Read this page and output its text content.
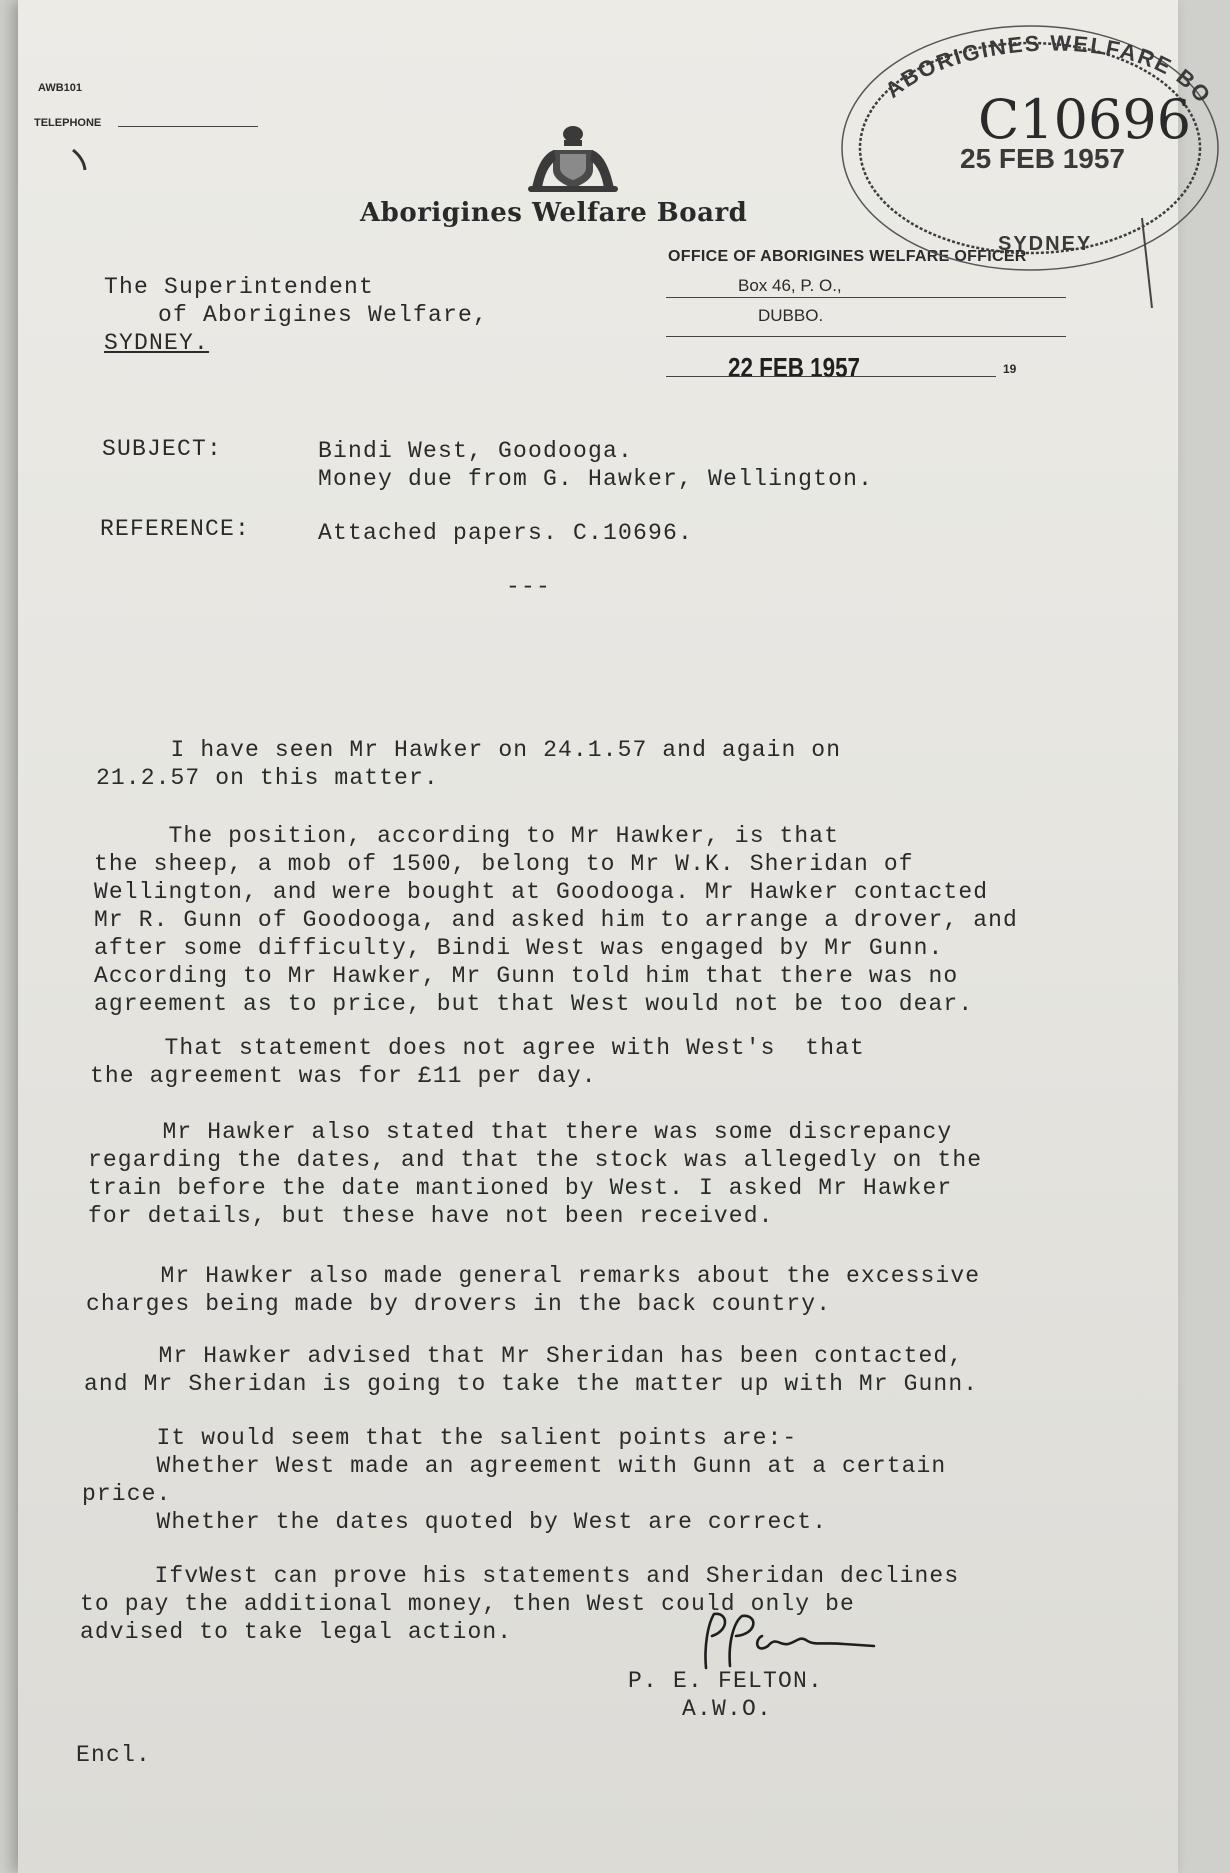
AWB101
TELEPHONE

Aborigines Welfare Board
OFFICE OF ABORIGINES WELFARE OFFICER
Box 46, P. O.,
DUBBO.
22 FEB 1957	19

ABORIGINES WELFARE BO
25 FEB 1957
SYDNEY
C10696

The Superintendent
of Aborigines Welfare,
SYDNEY.
SUBJECT:	Bindi West, Goodooga.
Money due from G. Hawker, Wellington.
REFERENCE:	Attached papers. C.10696.
---

I have seen Mr Hawker on 24.1.57 and again on
21.2.57 on this matter.

The position, according to Mr Hawker, is that
the sheep, a mob of 1500, belong to Mr W.K. Sheridan of
Wellington, and were bought at Goodooga. Mr Hawker contacted
Mr R. Gunn of Goodooga, and asked him to arrange a drover, and
after some difficulty, Bindi West was engaged by Mr Gunn.
According to Mr Hawker, Mr Gunn told him that there was no
agreement as to price, but that West would not be too dear.

That statement does not agree with West's  that
the agreement was for £11 per day.

Mr Hawker also stated that there was some discrepancy
regarding the dates, and that the stock was allegedly on the
train before the date mantioned by West. I asked Mr Hawker
for details, but these have not been received.

Mr Hawker also made general remarks about the excessive
charges being made by drovers in the back country.

Mr Hawker advised that Mr Sheridan has been contacted,
and Mr Sheridan is going to take the matter up with Mr Gunn.

It would seem that the salient points are:-
Whether West made an agreement with Gunn at a certain
price.

Whether the dates quoted by West are correct.

IfvWest can prove his statements and Sheridan declines
to pay the additional money, then West could only be
advised to take legal action.

P. E. FELTON.
A.W.O.
Encl.
